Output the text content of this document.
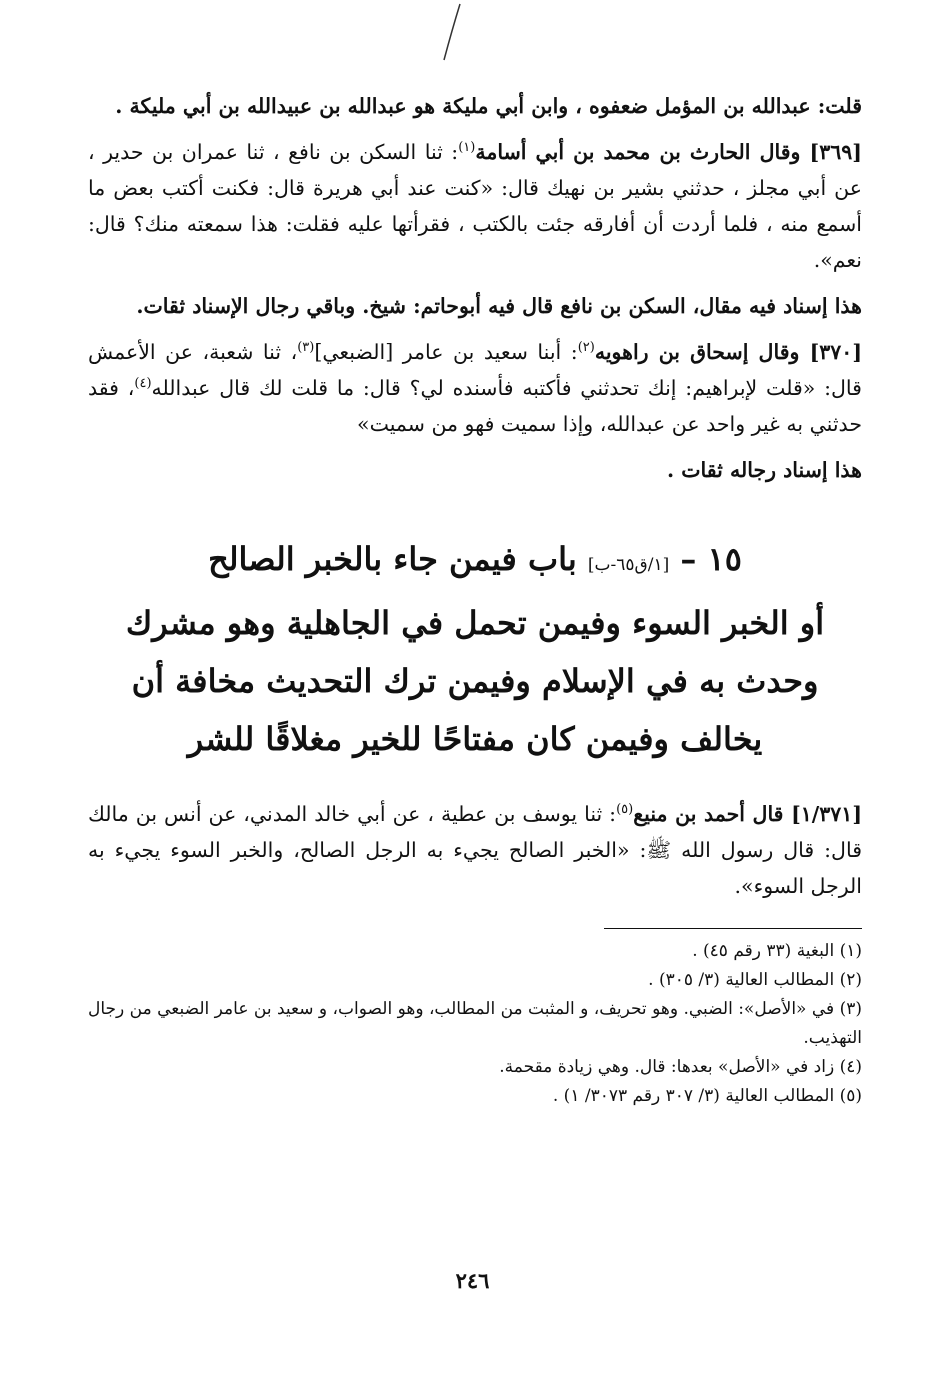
قلت: عبدالله بن المؤمل ضعفوه ، وابن أبي مليكة هو عبدالله بن عبيدالله بن أبي مليكة .

[٣٦٩] وقال الحارث بن محمد بن أبي أسامة$^{(١)}$: ثنا السكن بن نافع ، ثنا عمران بن حدير ، عن أبي مجلز ، حدثني بشير بن نهيك قال: «كنت عند أبي هريرة قال: فكنت أكتب بعض ما أسمع منه ، فلما أردت أن أفارقه جئت بالكتب ، فقرأتها عليه فقلت: هذا سمعته منك؟ قال: نعم».

هذا إسناد فيه مقال، السكن بن نافع قال فيه أبوحاتم: شيخ. وباقي رجال الإسناد ثقات.

[٣٧٠] وقال إسحاق بن راهويه$^{(٢)}$: أبنا سعيد بن عامر [الضبعي]$^{(٣)}$، ثنا شعبة، عن الأعمش قال: «قلت لإبراهيم: إنك تحدثني فأكتبه فأسنده لي؟ قال: ما قلت لك قال عبدالله$^{(٤)}$، فقد حدثني به غير واحد عن عبدالله، وإذا سميت فهو من سميت»

هذا إسناد رجاله ثقات .

١٥ – [١/ق٦٥-ب] باب فيمن جاء بالخبر الصالح
أو الخبر السوء وفيمن تحمل في الجاهلية وهو مشرك
وحدث به في الإسلام وفيمن ترك التحديث مخافة أن
يخالف وفيمن كان مفتاحًا للخير مغلاقًا للشر

[١/٣٧١] قال أحمد بن منيع$^{(٥)}$: ثنا يوسف بن عطية ، عن أبي خالد المدني، عن أنس بن مالك قال: قال رسول الله ﷺ: «الخبر الصالح يجيء به الرجل الصالح، والخبر السوء يجيء به الرجل السوء».

(١) البغية (٣٣ رقم ٤٥) .

(٢) المطالب العالية (٣/ ٣٠٥) .

(٣) في «الأصل»: الضبي. وهو تحريف، و المثبت من المطالب، وهو الصواب، و سعيد بن عامر الضبعي من رجال التهذيب.

(٤) زاد في «الأصل» بعدها: قال. وهي زيادة مقحمة.

(٥) المطالب العالية (٣/ ٣٠٧ رقم ٣٠٧٣/ ١) .

٢٤٦
